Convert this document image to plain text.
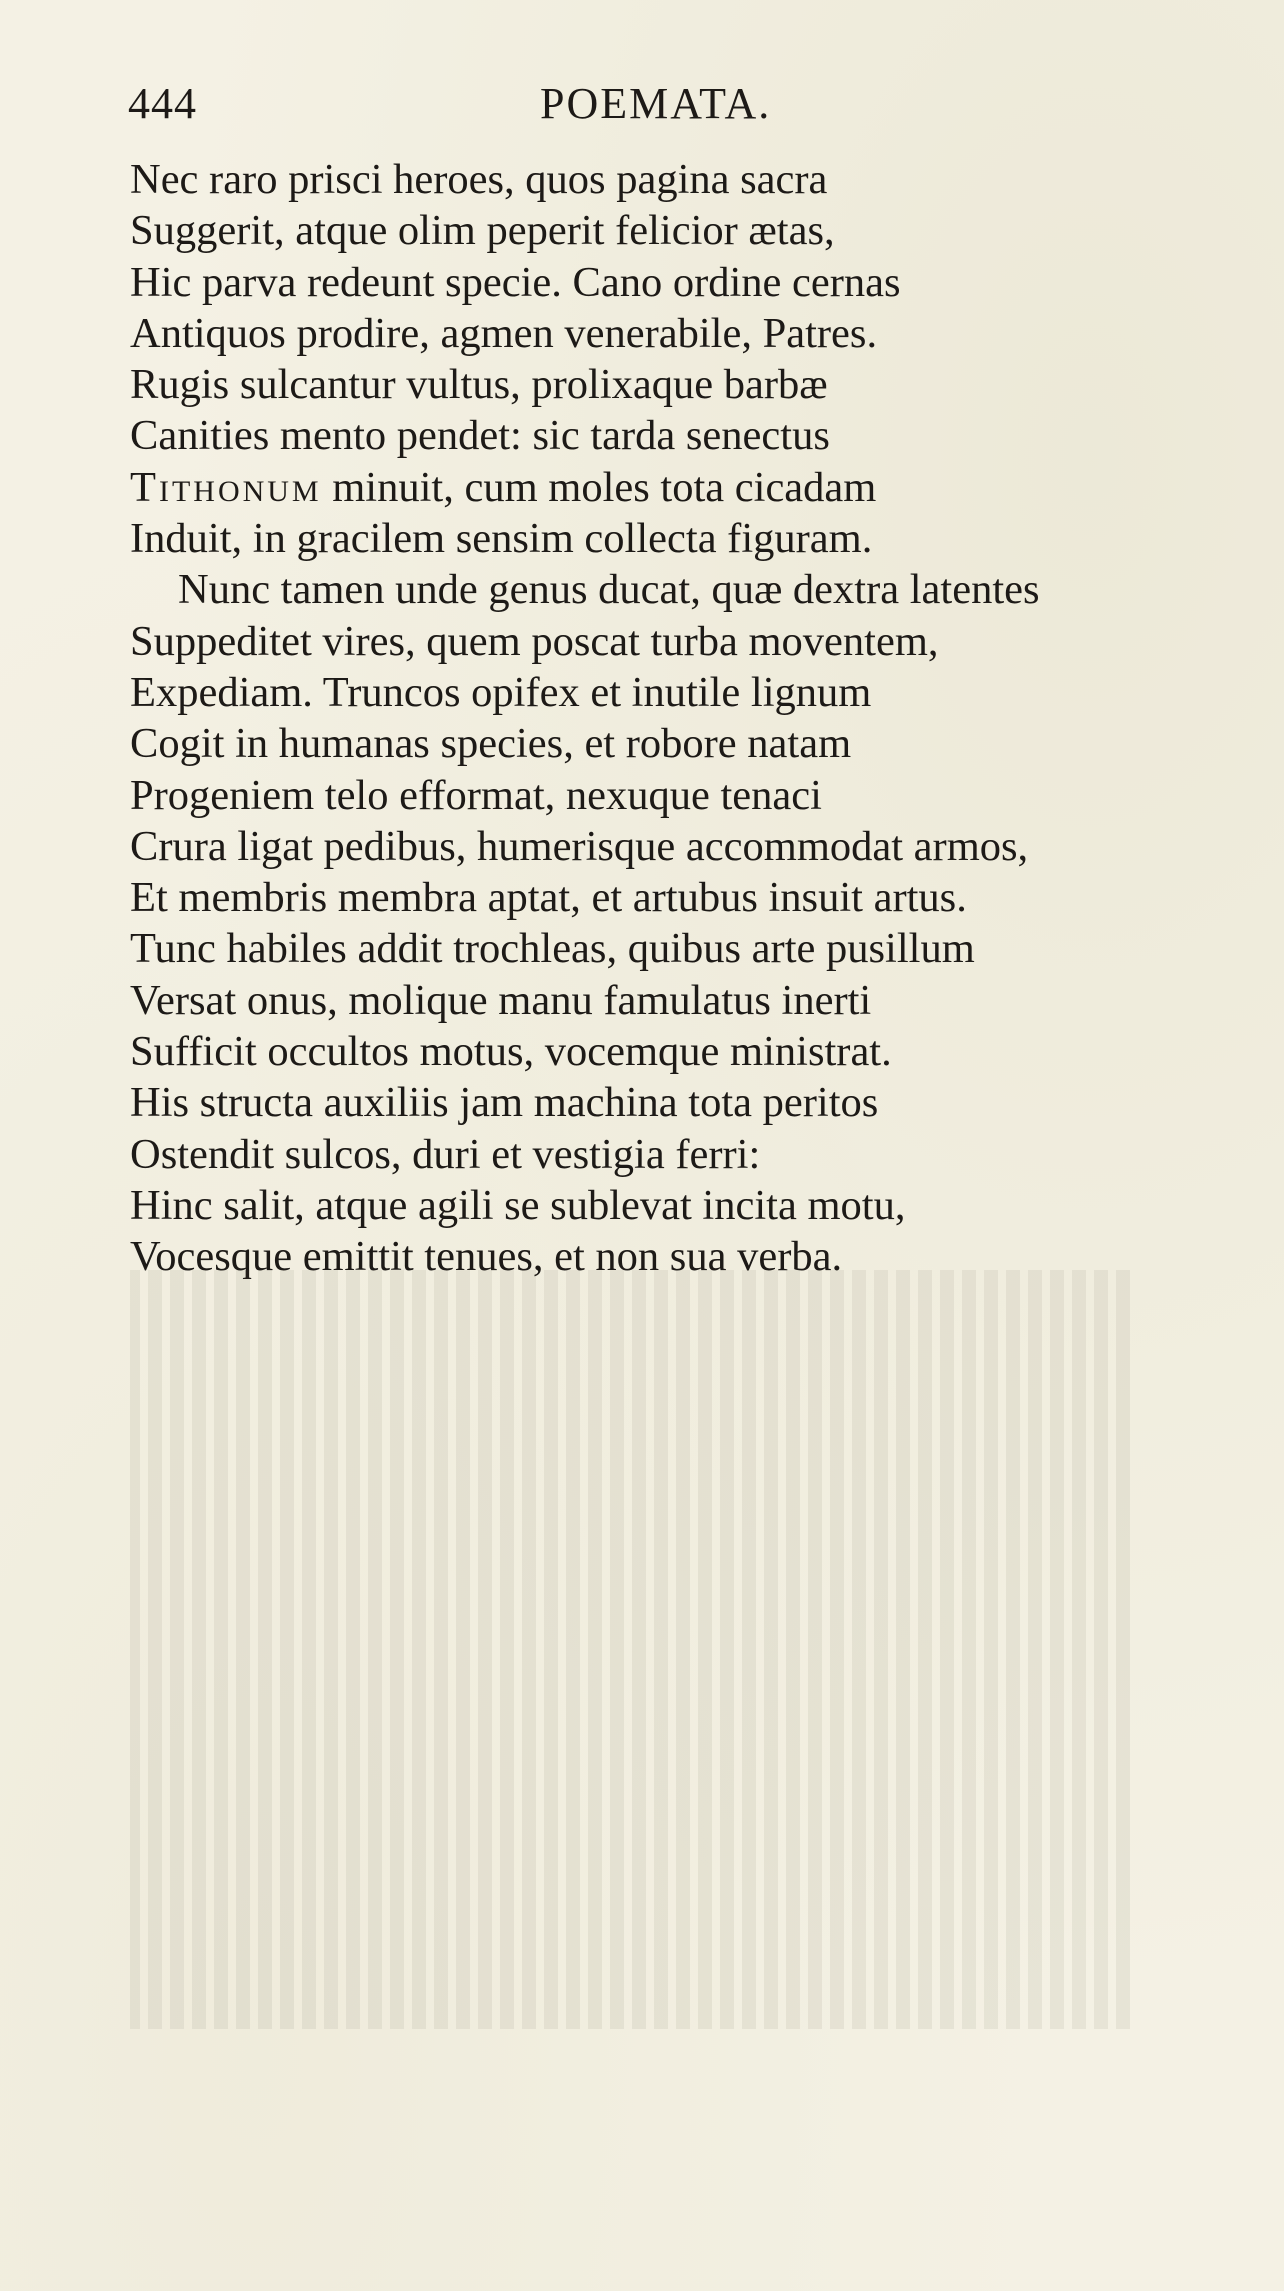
444	POEMATA.
Nec raro prisci heroes, quos pagina sacra
Suggerit, atque olim peperit felicior ætas,
Hic parva redeunt specie. Cano ordine cernas
Antiquos prodire, agmen venerabile, Patres.
Rugis sulcantur vultus, prolixaque barbæ
Canities mento pendet: sic tarda senectus
Tithonum minuit, cum moles tota cicadam
Induit, in gracilem sensim collecta figuram.
Nunc tamen unde genus ducat, quæ dextra latentes
Suppeditet vires, quem poscat turba moventem,
Expediam. Truncos opifex et inutile lignum
Cogit in humanas species, et robore natam
Progeniem telo efformat, nexuque tenaci
Crura ligat pedibus, humerisque accommodat armos,
Et membris membra aptat, et artubus insuit artus.
Tunc habiles addit trochleas, quibus arte pusillum
Versat onus, molique manu famulatus inerti
Sufficit occultos motus, vocemque ministrat.
His structa auxiliis jam machina tota peritos
Ostendit sulcos, duri et vestigia ferri:
Hinc salit, atque agili se sublevat incita motu,
Vocesque emittit tenues, et non sua verba.
